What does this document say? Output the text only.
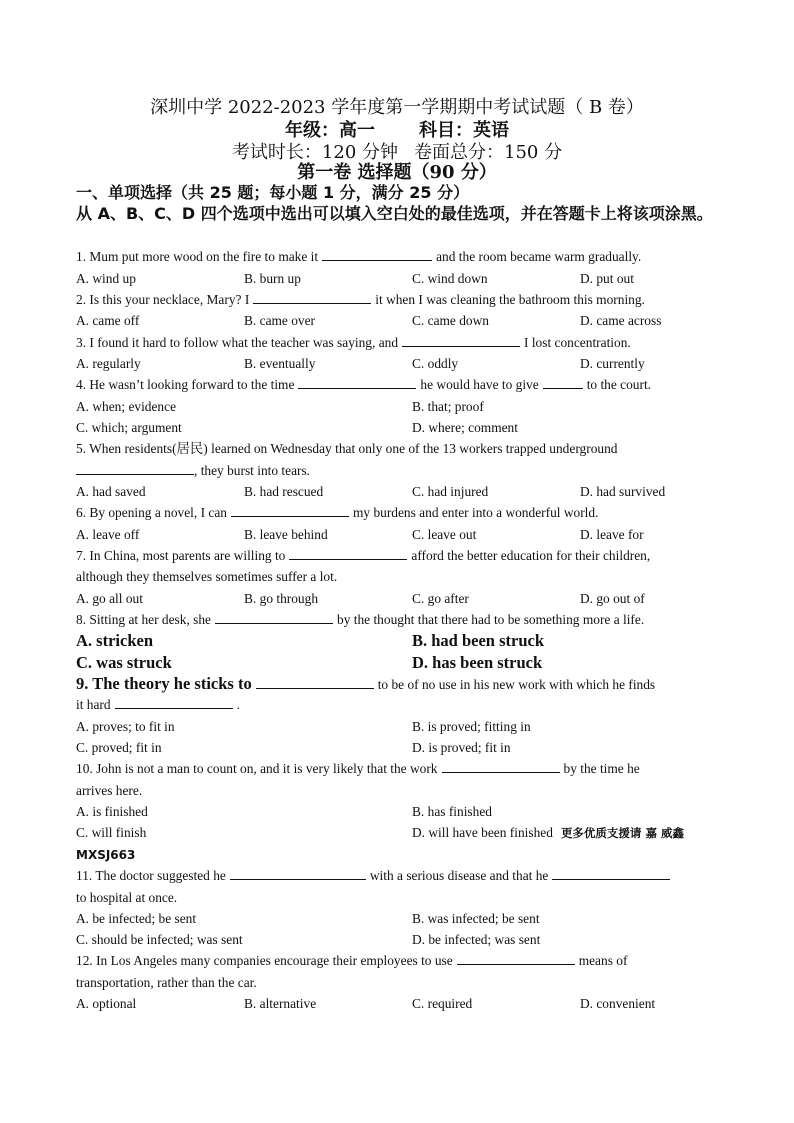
深圳中学 2022-2023 学年度第一学期期中考试试题（ B 卷）
年级：高一 科目：英语
考试时长：120 分钟 卷面总分：150 分
第一卷 选择题（90 分）
一、单项选择（共 25 题；每小题 1 分，满分 25 分）
从 A、B、C、D 四个选项中选出可以填入空白处的最佳选项，并在答题卡上将该项涂黑。
1. Mum put more wood on the fire to make it	and the room became warm gradually.
A. wind up	B. burn up	C. wind down	D. put out
2. Is this your necklace, Mary? I	it when I was cleaning the bathroom this morning.
A. came off	B. came over	C. came down	D. came across
3. I found it hard to follow what the teacher was saying, and	I lost concentration.
A. regularly	B. eventually	C. oddly	D. currently
4. He wasn’t looking forward to the time	he would have to give	to the court.
A. when; evidence	B. that; proof
C. which; argument	D. where; comment
5. When residents(居民) learned on Wednesday that only one of the 13 workers trapped underground
, they burst into tears.
A. had saved	B. had rescued	C. had injured	D. had survived
6. By opening a novel, I can	my burdens and enter into a wonderful world.
A. leave off	B. leave behind	C. leave out	D. leave for
7. In China, most parents are willing to	afford the better education for their children,
although they themselves sometimes suffer a lot.
A. go all out	B. go through	C. go after	D. go out of
8. Sitting at her desk, she	by the thought that there had to be something more a life.
A. stricken	B. had been struck
C. was struck	D. has been struck
9. The theory he sticks to	to be of no use in his new work with which he finds
it hard	.
A. proves; to fit in	B. is proved; fitting in
C. proved; fit in	D. is proved; fit in
10. John is not a man to count on, and it is very likely that the work	by the time he
arrives here.
A. is finished	B. has finished
C. will finish	D. will have been finished 更多优质支援请 嘉 威鑫
MXSJ663
11. The doctor suggested he	with a serious disease and that he
to hospital at once.
A. be infected; be sent	B. was infected; be sent
C. should be infected; was sent	D. be infected; was sent
12. In Los Angeles many companies encourage their employees to use	means of
transportation, rather than the car.
A. optional	B. alternative	C. required	D. convenient
